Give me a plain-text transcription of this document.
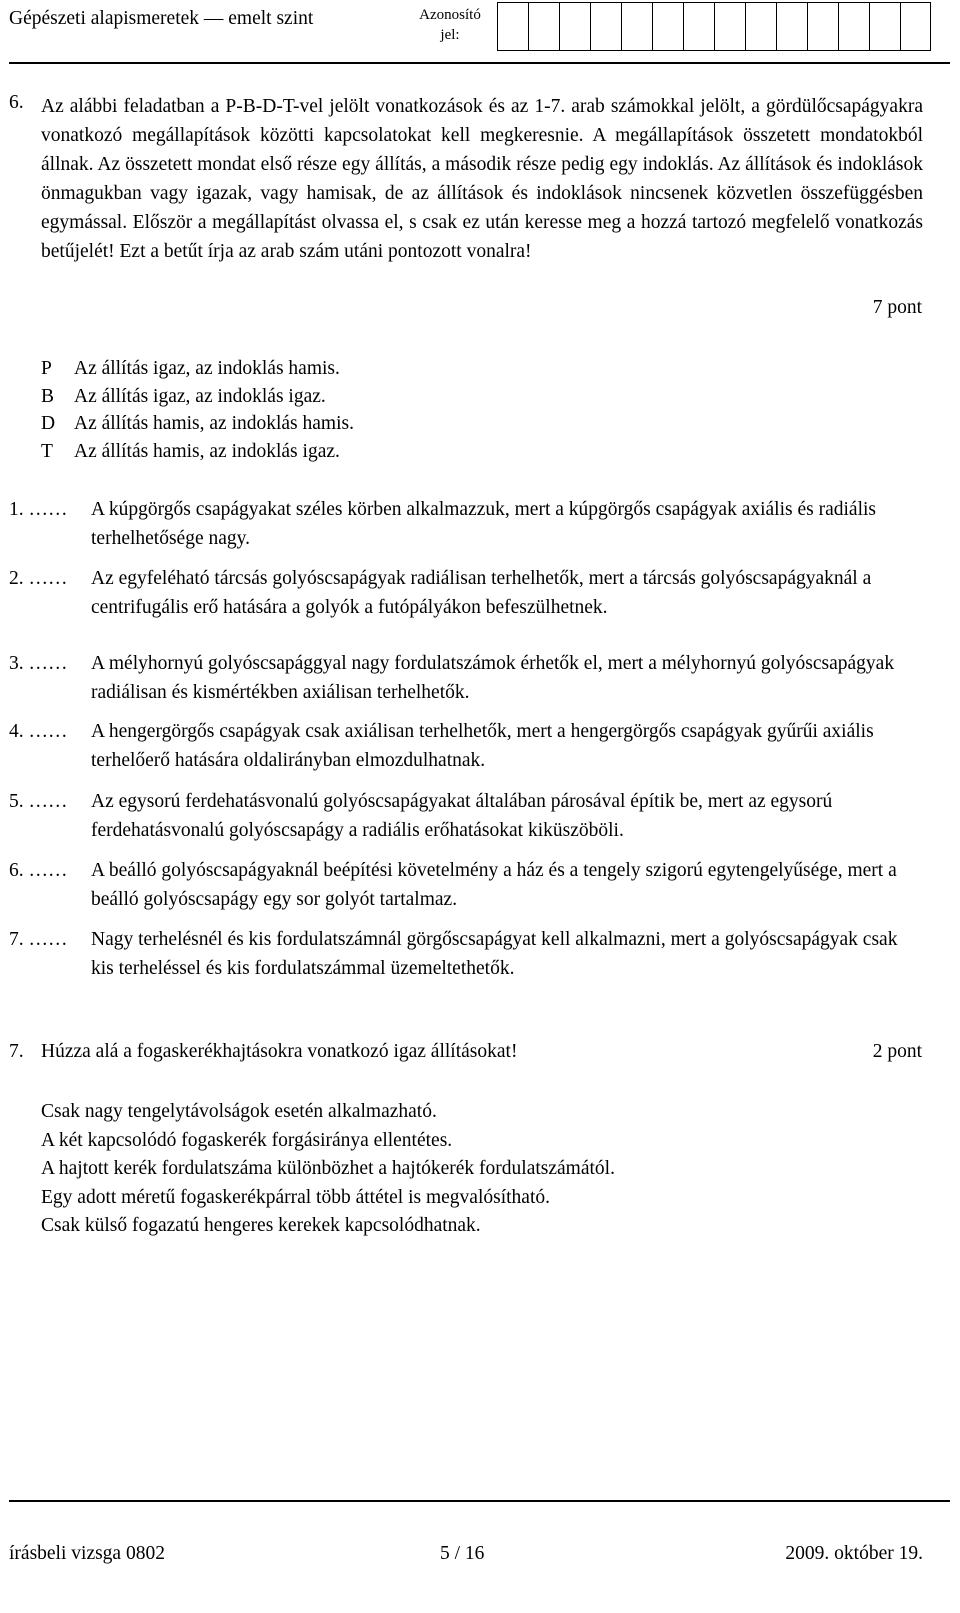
Gépészeti alapismeretek — emelt szint	Azonosító jel:
6. Az alábbi feladatban a P-B-D-T-vel jelölt vonatkozások és az 1-7. arab számokkal jelölt, a gördülőcsapágyakra vonatkozó megállapítások közötti kapcsolatokat kell megkeresnie. A megállapítások összetett mondatokból állnak. Az összetett mondat első része egy állítás, a második része pedig egy indoklás. Az állítások és indoklások önmagukban vagy igazak, vagy hamisak, de az állítások és indoklások nincsenek közvetlen összefüggésben egymással. Először a megállapítást olvassa el, s csak ez után keresse meg a hozzá tartozó megfelelő vonatkozás betűjelét! Ezt a betűt írja az arab szám utáni pontozott vonalra!

7 pont
P	Az állítás igaz, az indoklás hamis.
B	Az állítás igaz, az indoklás igaz.
D Az állítás hamis, az indoklás hamis.
T	Az állítás hamis, az indoklás igaz.
1. ……	A kúpgörgős csapágyakat széles körben alkalmazzuk, mert a kúpgörgős csapágyak axiális és radiális terhelhetősége nagy.
2. ……	Az egyfeléható tárcsás golyóscsapágyak radiálisan terhelhetők, mert a tárcsás golyóscsapágyaknál a centrifugális erő hatására a golyók a futópályákon befeszülhetnek.
3. ……	A mélyhornyú golyóscsapággyal nagy fordulatszámok érhetők el, mert a mélyhornyú golyóscsapágyak radiálisan és kismértékben axiálisan terhelhetők.
4. ……	A hengergörgős csapágyak csak axiálisan terhelhetők, mert a hengergörgős csapágyak gyűrűi axiális terhelőerő hatására oldalirányban elmozdulhatnak.
5. ……	Az egysorú ferdehatásvonalú golyóscsapágyakat általában párosával építik be, mert az egysorú ferdehatásvonalú golyóscsapágy a radiális erőhatásokat kiküszöböli.
6. ……	A beálló golyóscsapágyaknál beépítési követelmény a ház és a tengely szigorú egytengelyűsége, mert a beálló golyóscsapágy egy sor golyót tartalmaz.
7. ……	Nagy terhelésnél és kis fordulatszámnál görgőscsapágyat kell alkalmazni, mert a golyóscsapágyak csak kis terheléssel és kis fordulatszámmal üzemeltethetők.
7. Húzza alá a fogaskerékhajtásokra vonatkozó igaz állításokat!	2 pont
Csak nagy tengelytávolságok esetén alkalmazható.
A két kapcsolódó fogaskerék forgásiránya ellentétes.
A hajtott kerék fordulatszáma különbözhet a hajtókerék fordulatszámától.
Egy adott méretű fogaskerékpárral több áttétel is megvalósítható.
Csak külső fogazatú hengeres kerekek kapcsolódhatnak.
írásbeli vizsga 0802	5 / 16	2009. október 19.
